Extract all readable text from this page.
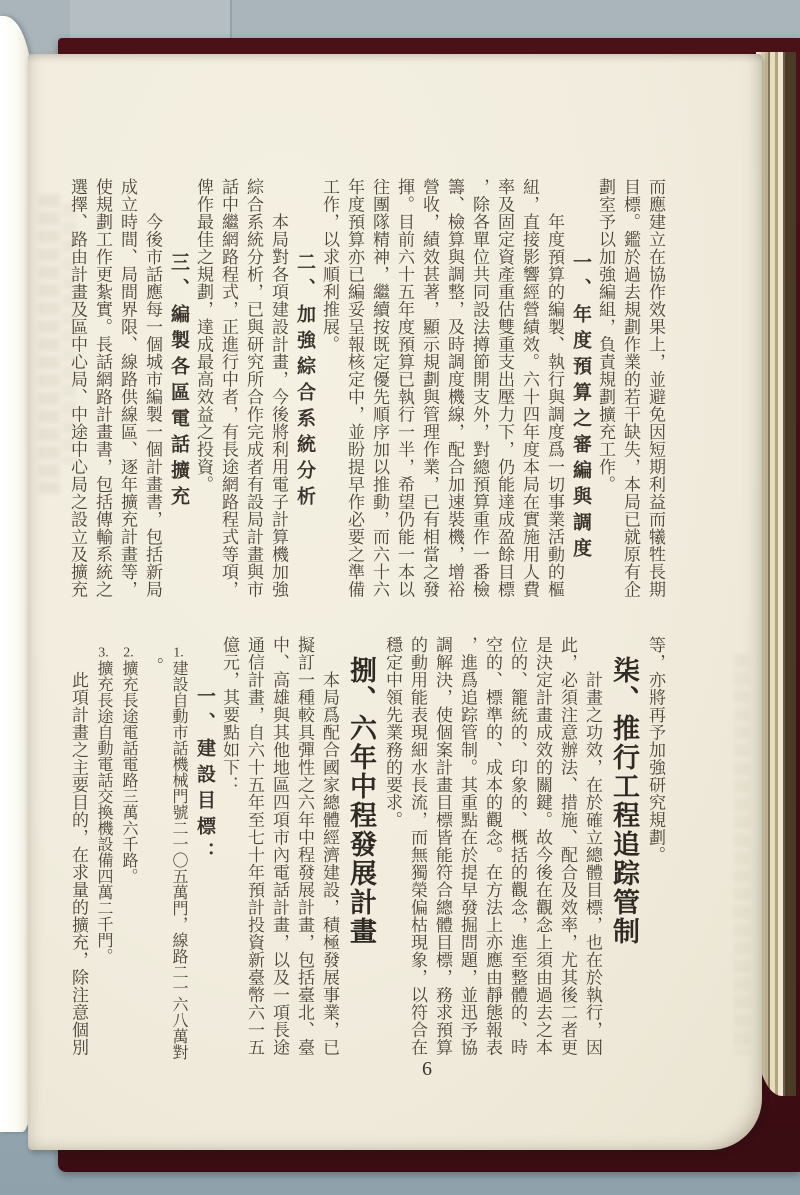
而應建立在協作效果上，並避免因短期利益而犧牲長期
目標。鑑於過去規劃作業的若干缺失，本局已就原有企
劃室予以加強編組，負責規劃擴充工作。
一、年度預算之審編與調度
年度預算的編製、執行與調度爲一切事業活動的樞
紐，直接影響經營績效。六十四年度本局在實施用人費
率及固定資產重估雙重支出壓力下，仍能達成盈餘目標
，除各單位共同設法撙節開支外，對總預算重作一番檢
籌、檢算與調整，及時調度機線，配合加速裝機，增裕
營收，績效甚著，顯示規劃與管理作業，已有相當之發
揮。目前六十五年度預算已執行一半，希望仍能一本以
往團隊精神，繼續按既定優先順序加以推動，而六十六
年度預算亦已編妥呈報核定中，並盼提早作必要之準備
工作，以求順利推展。
二、加強綜合系統分析
本局對各項建設計畫，今後將利用電子計算機加強
綜合系統分析，已與研究所合作完成者有設局計畫與市
話中繼網路程式，正進行中者，有長途網路程式等項，
俾作最佳之規劃，達成最高效益之投資。
三、編製各區電話擴充
今後市話應每一個城市編製一個計畫書，包括新局
成立時間、局間界限、線路供線區、逐年擴充計畫等，
使規劃工作更紮實。長話網路計畫書，包括傳輸系統之
選擇、路由計畫及區中心局、中途中心局之設立及擴充
等，亦將再予加強研究規劃。
柒、推行工程追踪管制
計畫之功效，在於確立總體目標，也在於執行，因
此，必須注意辦法、措施、配合及效率，尤其後二者更
是決定計畫成效的關鍵。故今後在觀念上須由過去之本
位的、籠統的、印象的、概括的觀念，進至整體的、時
空的、標準的、成本的觀念。在方法上亦應由靜態報表
，進爲追踪管制。其重點在於提早發掘問題，並迅予協
調解決，使個案計畫目標皆能符合總體目標，務求預算
的動用能表現細水長流，而無獨榮偏枯現象，以符合在
穩定中領先業務的要求。
捌、六年中程發展計畫
本局爲配合國家總體經濟建設，積極發展事業，已
擬訂一種較具彈性之六年中程發展計畫，包括臺北、臺
中、高雄與其他地區四項市內電話計畫，以及一項長途
通信計畫，自六十五年至七十年預計投資新臺幣六一五
億元，其要點如下：
一、建設目標：
1.建設自動市話機械門號二一〇五萬門，線路二一六八萬對
。
2.擴充長途電話電路三萬六千路。
3.擴充長途自動電話交換機設備四萬二千門。
此項計畫之主要目的，在求量的擴充，除注意個別
6
